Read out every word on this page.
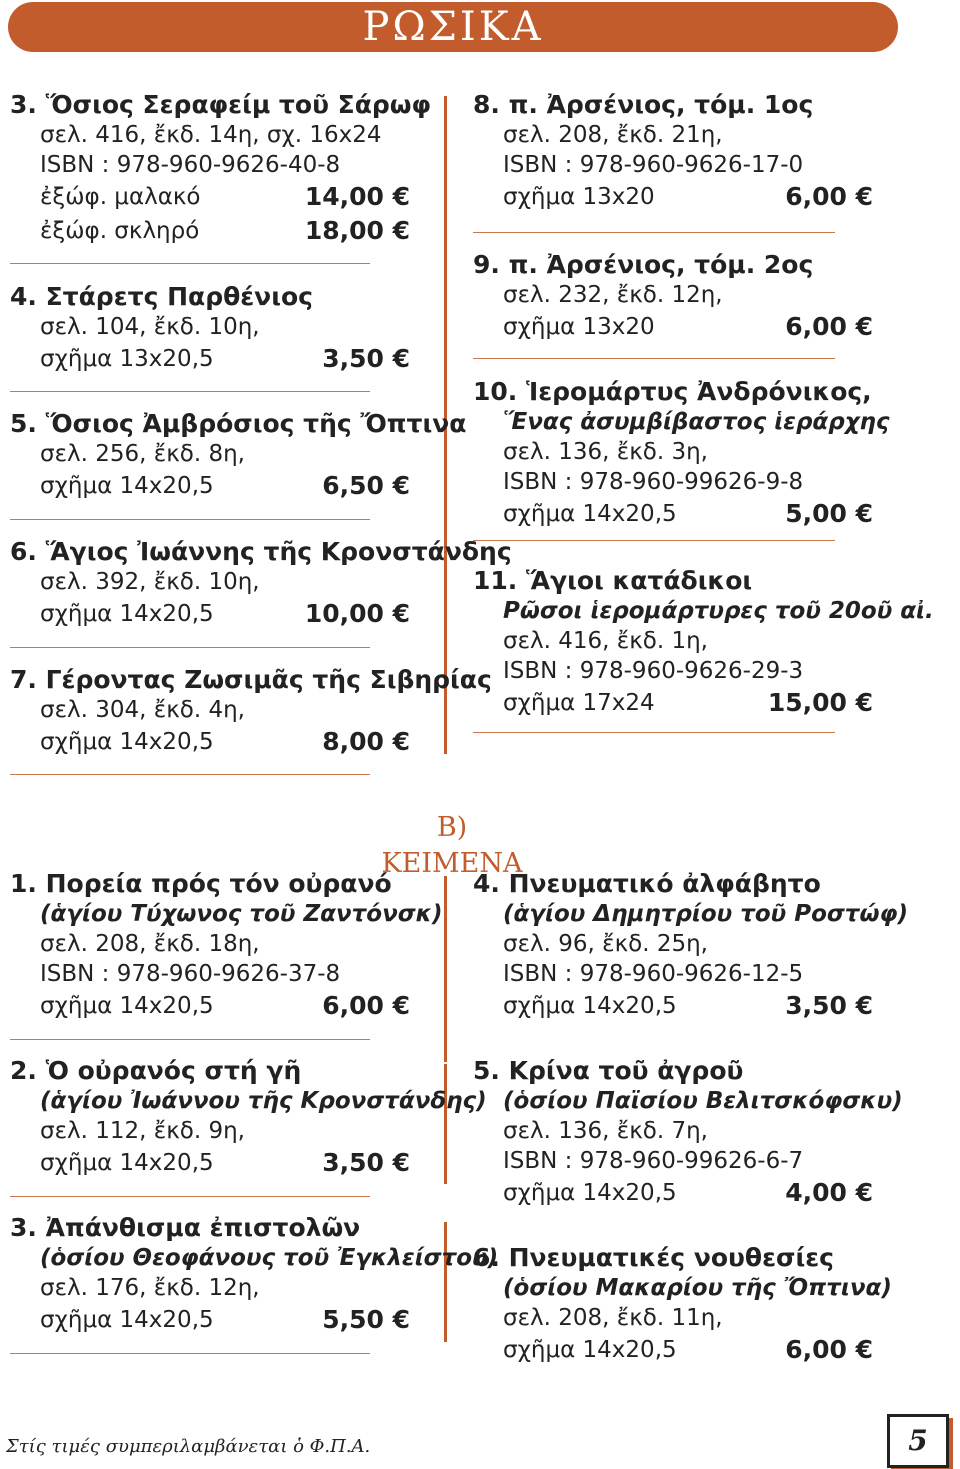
ΡΩΣΙΚΑ
Β) ΚΕΙΜΕΝΑ
Στίς τιμές συμπεριλαμβάνεται ὁ Φ.Π.Α.	5
3. Ὅσιος Σεραφείμ τοῦ Σάρωφ
σελ. 416, ἔκδ. 14η, σχ. 16x24
ISBN : 978-960-9626-40-8
ἐξώφ. μαλακό	14,00 €
ἐξώφ. σκληρό	18,00 €
4. Στάρετς Παρθένιος
σελ. 104, ἔκδ. 10η,
σχῆμα 13x20,5	3,50 €
5. Ὅσιος Ἀμβρόσιος τῆς Ὄπτινα
σελ. 256, ἔκδ. 8η,
σχῆμα 14x20,5	6,50 €
6. Ἅγιος Ἰωάννης τῆς Κρονστάνδης
σελ. 392, ἔκδ. 10η,
σχῆμα 14x20,5	10,00 €
7. Γέροντας Ζωσιμᾶς τῆς Σιβηρίας
σελ. 304, ἔκδ. 4η,
σχῆμα 14x20,5	8,00 €
8. π. Ἀρσένιος, τόμ. 1ος
σελ. 208, ἔκδ. 21η,
ISBN : 978-960-9626-17-0
σχῆμα 13x20	6,00 €
9. π. Ἀρσένιος, τόμ. 2ος
σελ. 232, ἔκδ. 12η,
σχῆμα 13x20	6,00 €
10. Ἱερομάρτυς Ἀνδρόνικος,
Ἕνας ἀσυμβίβαστος ἱεράρχης
σελ. 136, ἔκδ. 3η,
ISBN : 978-960-99626-9-8
σχῆμα 14x20,5	5,00 €
11. Ἅγιοι κατάδικοι
Ρῶσοι ἱερομάρτυρες τοῦ 20οῦ αἰ.
σελ. 416, ἔκδ. 1η,
ISBN : 978-960-9626-29-3
σχῆμα 17x24	15,00 €
1. Πορεία πρός τόν οὐρανό
(ἁγίου Τύχωνος τοῦ Ζαντόνσκ)
σελ. 208, ἔκδ. 18η,
ISBN : 978-960-9626-37-8
σχῆμα 14x20,5	6,00 €
2. Ὁ οὐρανός στή γῆ
(ἁγίου Ἰωάννου τῆς Κρονστάνδης)
σελ. 112, ἔκδ. 9η,
σχῆμα 14x20,5	3,50 €
3. Ἀπάνθισμα ἐπιστολῶν
(ὁσίου Θεοφάνους τοῦ Ἐγκλείστου)
σελ. 176, ἔκδ. 12η,
σχῆμα 14x20,5	5,50 €
4. Πνευματικό ἀλφάβητο
(ἁγίου Δημητρίου τοῦ Ροστώφ)
σελ. 96, ἔκδ. 25η,
ISBN : 978-960-9626-12-5
σχῆμα 14x20,5	3,50 €
5. Κρίνα τοῦ ἀγροῦ
(ὁσίου Παϊσίου Βελιτσκόφσκυ)
σελ. 136, ἔκδ. 7η,
ISBN : 978-960-99626-6-7
σχῆμα 14x20,5	4,00 €
6. Πνευματικές νουθεσίες
(ὁσίου Μακαρίου τῆς Ὄπτινα)
σελ. 208, ἔκδ. 11η,
σχῆμα 14x20,5	6,00 €
